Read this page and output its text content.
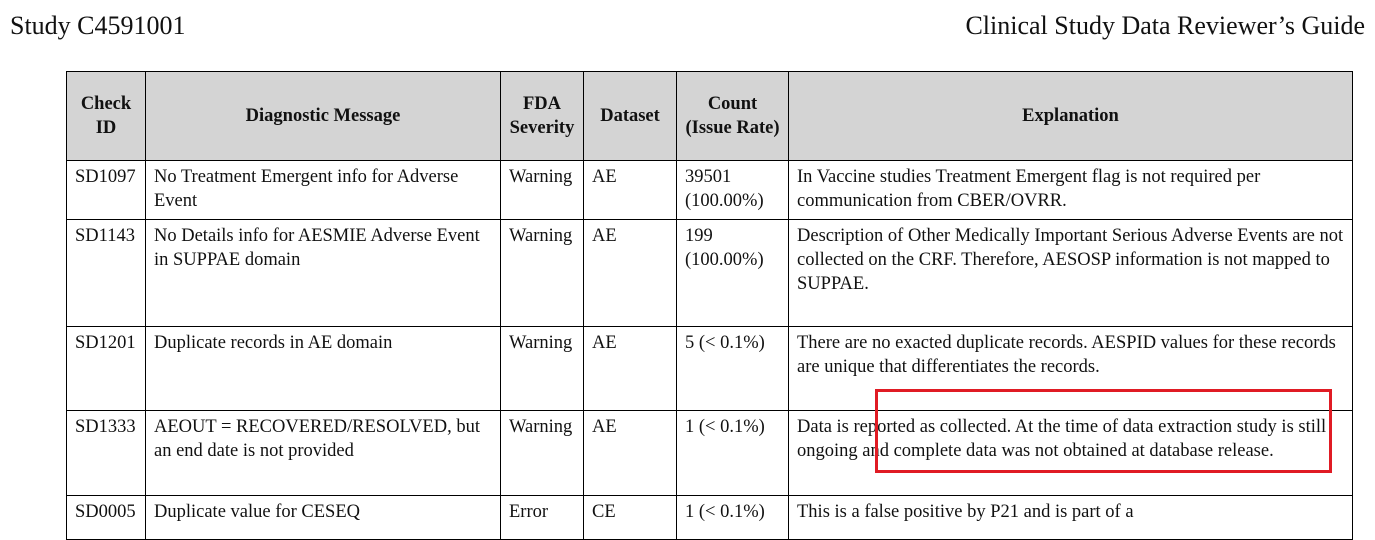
Study C4591001	Clinical Study Data Reviewer’s Guide
Check ID	Diagnostic Message	FDA Severity	Dataset	Count (Issue Rate)	Explanation
SD1097	No Treatment Emergent info for Adverse Event	Warning	AE	39501 (100.00%)	In Vaccine studies Treatment Emergent flag is not required per communication from CBER/OVRR.
SD1143	No Details info for AESMIE Adverse Event in SUPPAE domain	Warning	AE	199 (100.00%)	Description of Other Medically Important Serious Adverse Events are not collected on the CRF. Therefore, AESOSP information is not mapped to SUPPAE.
SD1201	Duplicate records in AE domain	Warning	AE	5 (< 0.1%)	There are no exacted duplicate records. AESPID values for these records are unique that differentiates the records.
SD1333	AEOUT = RECOVERED/RESOLVED, but an end date is not provided	Warning	AE	1 (< 0.1%)	Data is reported as collected. At the time of data extraction study is still ongoing and complete data was not obtained at database release.
SD0005	Duplicate value for CESEQ	Error	CE	1 (< 0.1%)	This is a false positive by P21 and is part of a
